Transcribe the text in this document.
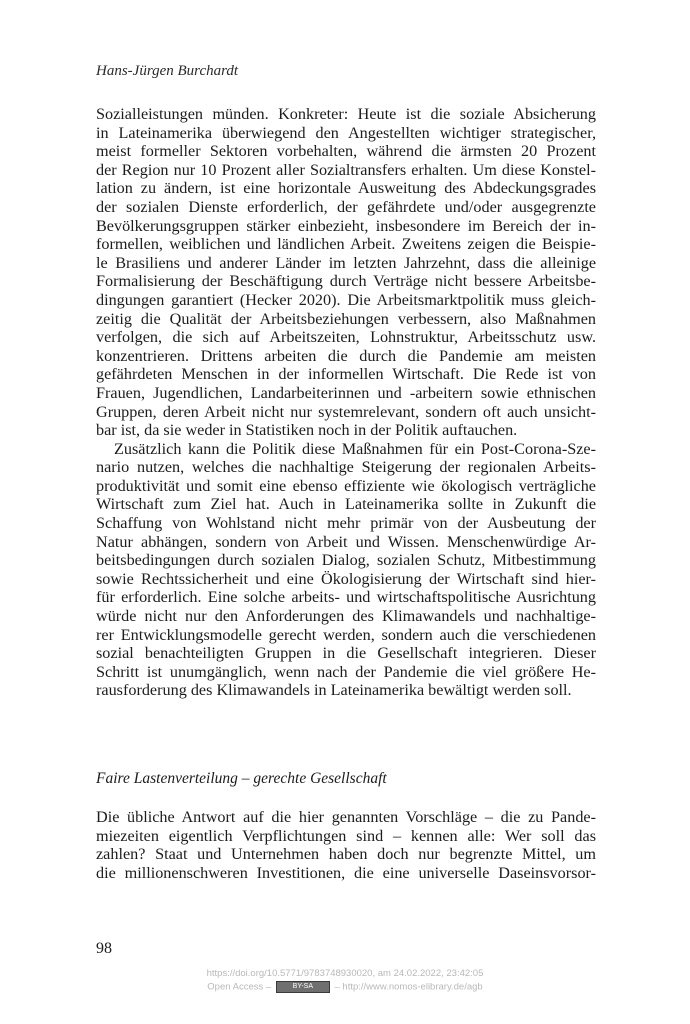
Hans-Jürgen Burchardt
Sozialleistungen münden. Konkreter: Heute ist die soziale Absicherung
in Lateinamerika überwiegend den Angestellten wichtiger strategischer,
meist formeller Sektoren vorbehalten, während die ärmsten 20 Prozent
der Region nur 10 Prozent aller Sozialtransfers erhalten. Um diese Konstel-
lation zu ändern, ist eine horizontale Ausweitung des Abdeckungsgrades
der sozialen Dienste erforderlich, der gefährdete und/oder ausgegrenzte
Bevölkerungsgruppen stärker einbezieht, insbesondere im Bereich der in-
formellen, weiblichen und ländlichen Arbeit. Zweitens zeigen die Beispie-
le Brasiliens und anderer Länder im letzten Jahrzehnt, dass die alleinige
Formalisierung der Beschäftigung durch Verträge nicht bessere Arbeitsbe-
dingungen garantiert (Hecker 2020). Die Arbeitsmarktpolitik muss gleich-
zeitig die Qualität der Arbeitsbeziehungen verbessern, also Maßnahmen
verfolgen, die sich auf Arbeitszeiten, Lohnstruktur, Arbeitsschutz usw.
konzentrieren. Drittens arbeiten die durch die Pandemie am meisten
gefährdeten Menschen in der informellen Wirtschaft. Die Rede ist von
Frauen, Jugendlichen, Landarbeiterinnen und -arbeitern sowie ethnischen
Gruppen, deren Arbeit nicht nur systemrelevant, sondern oft auch unsicht-
bar ist, da sie weder in Statistiken noch in der Politik auftauchen.
Zusätzlich kann die Politik diese Maßnahmen für ein Post-Corona-Sze-
nario nutzen, welches die nachhaltige Steigerung der regionalen Arbeits-
produktivität und somit eine ebenso effiziente wie ökologisch verträgliche
Wirtschaft zum Ziel hat. Auch in Lateinamerika sollte in Zukunft die
Schaffung von Wohlstand nicht mehr primär von der Ausbeutung der
Natur abhängen, sondern von Arbeit und Wissen. Menschenwürdige Ar-
beitsbedingungen durch sozialen Dialog, sozialen Schutz, Mitbestimmung
sowie Rechtssicherheit und eine Ökologisierung der Wirtschaft sind hier-
für erforderlich. Eine solche arbeits- und wirtschaftspolitische Ausrichtung
würde nicht nur den Anforderungen des Klimawandels und nachhaltige-
rer Entwicklungsmodelle gerecht werden, sondern auch die verschiedenen
sozial benachteiligten Gruppen in die Gesellschaft integrieren. Dieser
Schritt ist unumgänglich, wenn nach der Pandemie die viel größere He-
rausforderung des Klimawandels in Lateinamerika bewältigt werden soll.
Faire Lastenverteilung – gerechte Gesellschaft
Die übliche Antwort auf die hier genannten Vorschläge – die zu Pande-
miezeiten eigentlich Verpflichtungen sind – kennen alle: Wer soll das
zahlen? Staat und Unternehmen haben doch nur begrenzte Mittel, um
die millionenschweren Investitionen, die eine universelle Daseinsvorsor-
98
https://doi.org/10.5771/9783748930020, am 24.02.2022, 23:42:05
Open Access –	BY-SA – http://www.nomos-elibrary.de/agb
